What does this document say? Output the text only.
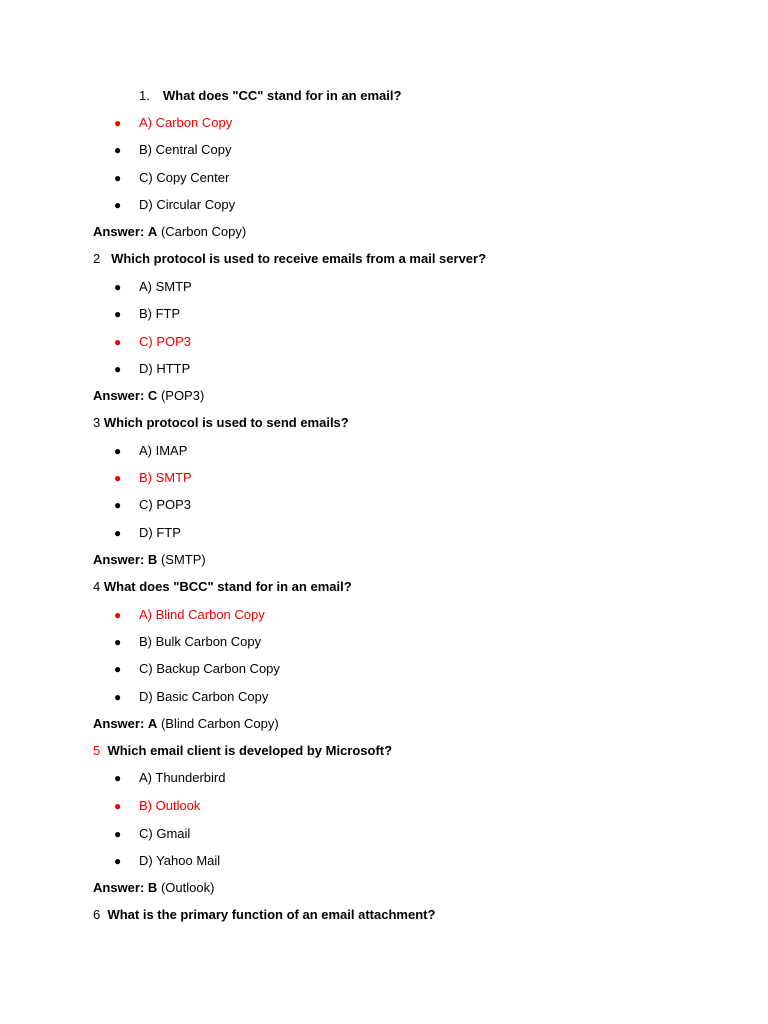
1. What does "CC" stand for in an email?
● A) Carbon Copy
● B) Central Copy
● C) Copy Center
● D) Circular Copy
Answer: A (Carbon Copy)
2 Which protocol is used to receive emails from a mail server?
● A) SMTP
● B) FTP
● C) POP3
● D) HTTP
Answer: C (POP3)
3 Which protocol is used to send emails?
● A) IMAP
● B) SMTP
● C) POP3
● D) FTP
Answer: B (SMTP)
4 What does "BCC" stand for in an email?
● A) Blind Carbon Copy
● B) Bulk Carbon Copy
● C) Backup Carbon Copy
● D) Basic Carbon Copy
Answer: A (Blind Carbon Copy)
5 Which email client is developed by Microsoft?
● A) Thunderbird
● B) Outlook
● C) Gmail
● D) Yahoo Mail
Answer: B (Outlook)
6 What is the primary function of an email attachment?
